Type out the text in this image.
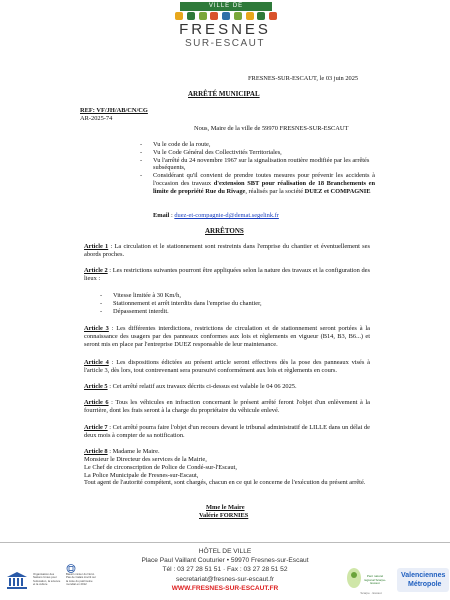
VILLE DE
FRESNES
SUR-ESCAUT
FRESNES-SUR-ESCAUT, le 03 juin 2025
ARRÊTÉ MUNICIPAL
REF: VF/JH/AB/CN/CG
AR-2025-74
Nous, Maire de la ville de 59970 FRESNES-SUR-ESCAUT
- Vu le code de la route,
- Vu le Code Général des Collectivités Territoriales,
- Vu l'arrêté du 24 novembre 1967 sur la signalisation routière modifiée par les arrêtés subséquents,
- Considérant qu'il convient de prendre toutes mesures pour prévenir les accidents à l'occasion des travaux d'extension SBT pour réalisation de 18 Branchements en limite de propriété Rue du Rivage, réalisés par la société DUEZ et COMPAGNIE
Email : duez-et-compagnie-d@demat.segelink.fr
ARRÊTONS
Article 1 : La circulation et le stationnement sont restreints dans l'emprise du chantier et éventuellement ses abords proches.
Article 2 : Les restrictions suivantes pourront être appliquées selon la nature des travaux et la configuration des lieux :
- Vitesse limitée à 30 Km/h,
- Stationnement et arrêt interdits dans l'emprise du chantier,
- Dépassement interdit.
Article 3 : Les différentes interdictions, restrictions de circulation et de stationnement seront portées à la connaissance des usagers par des panneaux conformes aux lois et règlements en vigueur (B14, B3, B6...) et seront mis en place par l'entreprise DUEZ responsable de leur maintenance.
Article 4 : Les dispositions édictées au présent article seront effectives dès la pose des panneaux visés à l'article 3, dès lors, tout contrevenant sera poursuivi conformément aux lois et règlements en cours.
Article 5 : Cet arrêté relatif aux travaux décrits ci-dessus est valable le 04 06 2025.
Article 6 : Tous les véhicules en infraction concernant le présent arrêté feront l'objet d'un enlèvement à la fourrière, dont les frais seront à la charge du propriétaire du véhicule enlevé.
Article 7 : Cet arrêté pourra faire l'objet d'un recours devant le tribunal administratif de LILLE dans un délai de deux mois à compter de sa notification.
Article 8 : Madame le Maire.
Monsieur le Directeur des services de la Mairie,
Le Chef de circonscription de Police de Condé-sur-l'Escaut,
La Police Municipale de Fresnes-sur-Escaut,
Tout agent de l'autorité compétent, sont chargés, chacun en ce qui le concerne de l'exécution du présent arrêté.
Mme le Maire
Valérie FORNIES
HÔTEL DE VILLE
Place Paul Vaillant Couturier • 59970 Fresnes-sur-Escaut
Tél : 03 27 28 51 51 · Fax : 03 27 28 51 52
secretariat@fresnes-sur-escaut.fr
WWW.FRESNES-SUR-ESCAUT.FR
Organisation des Nations Unies pour l'éducation, la science et la culture
Bassin minier du Nord-Pas de Calais inscrit sur la Liste du patrimoine mondial en 2012
Parc naturel régional Scarpe-Escaut
Scarpe · Escaut
Valenciennes
Métropole
